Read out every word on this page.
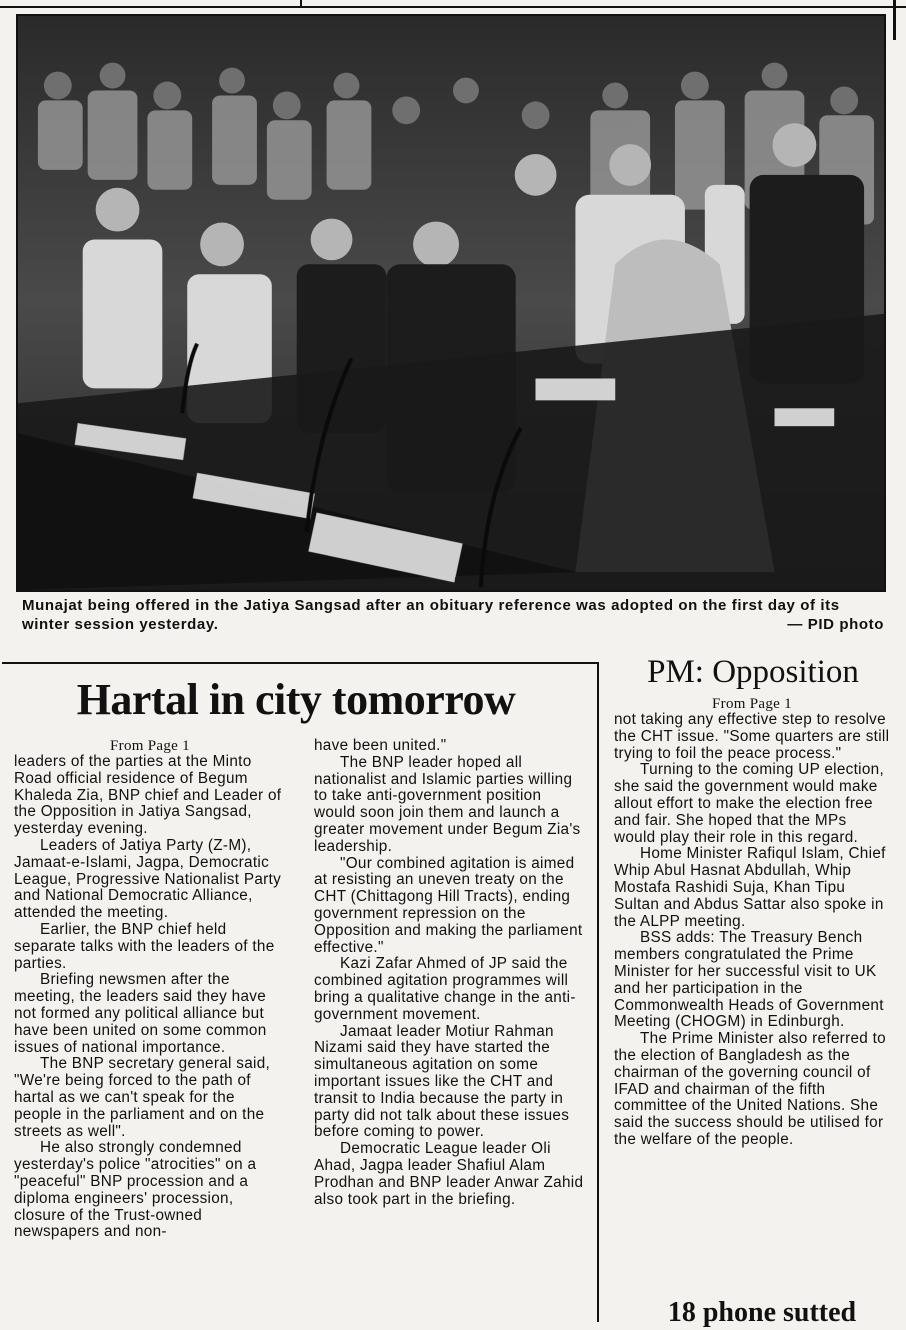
Munajat being offered in the Jatiya Sangsad after an obituary reference was adopted on the first day of its winter session yesterday.	— PID photo
Hartal in city tomorrow
From Page 1

leaders of the parties at the Minto Road official residence of Begum Khaleda Zia, BNP chief and Leader of the Opposition in Jatiya Sangsad, yesterday evening.

Leaders of Jatiya Party (Z-M), Jamaat-e-Islami, Jagpa, Democratic League, Progressive Nationalist Party and National Democratic Alliance, attended the meeting.

Earlier, the BNP chief held separate talks with the leaders of the parties.

Briefing newsmen after the meeting, the leaders said they have not formed any political alliance but have been united on some common issues of national importance.

The BNP secretary general said, "We're being forced to the path of hartal as we can't speak for the people in the parliament and on the streets as well".

He also strongly condemned yesterday's police "atrocities" on a "peaceful" BNP procession and a diploma engineers' procession, closure of the Trust-owned newspapers and non-

have been united."

The BNP leader hoped all nationalist and Islamic parties willing to take anti-government position would soon join them and launch a greater movement under Begum Zia's leadership.

"Our combined agitation is aimed at resisting an uneven treaty on the CHT (Chittagong Hill Tracts), ending government repression on the Opposition and making the parliament effective."

Kazi Zafar Ahmed of JP said the combined agitation programmes will bring a qualitative change in the anti-government movement.

Jamaat leader Motiur Rahman Nizami said they have started the simultaneous agitation on some important issues like the CHT and transit to India because the party in party did not talk about these issues before coming to power.

Democratic League leader Oli Ahad, Jagpa leader Shafiul Alam Prodhan and BNP leader Anwar Zahid also took part in the briefing.

PM: Opposition
From Page 1

not taking any effective step to resolve the CHT issue. "Some quarters are still trying to foil the peace process."

Turning to the coming UP election, she said the government would make allout effort to make the election free and fair. She hoped that the MPs would play their role in this regard.

Home Minister Rafiqul Islam, Chief Whip Abul Hasnat Abdullah, Whip Mostafa Rashidi Suja, Khan Tipu Sultan and Abdus Sattar also spoke in the ALPP meeting.

BSS adds: The Treasury Bench members congratulated the Prime Minister for her successful visit to UK and her participation in the Commonwealth Heads of Government Meeting (CHOGM) in Edinburgh.

The Prime Minister also referred to the election of Bangladesh as the chairman of the governing council of IFAD and chairman of the fifth committee of the United Nations. She said the success should be utilised for the welfare of the people.

18 phone sutted
